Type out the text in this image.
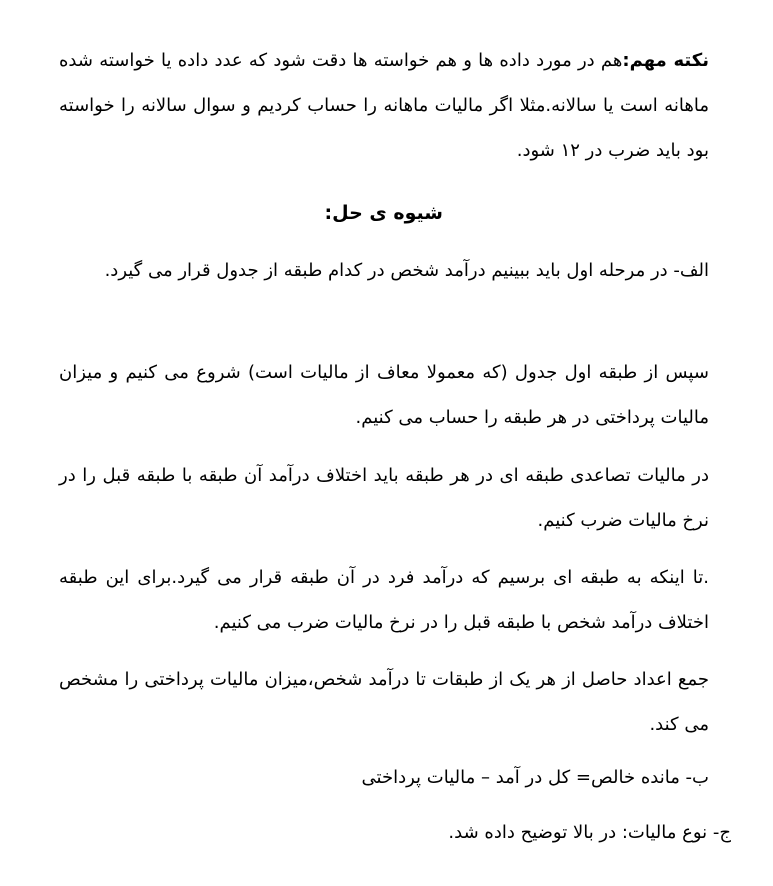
نکته مهم:هم در مورد داده ها و هم خواسته ها دقت شود که عدد داده یا خواسته شده ماهانه است یا سالانه.مثلا اگر مالیات ماهانه را حساب کردیم و سوال سالانه را خواسته بود باید ضرب در ۱۲ شود.

شیوه ی حل:

الف- در مرحله اول باید ببینیم درآمد شخص در کدام طبقه از جدول قرار می گیرد.

سپس از طبقه اول جدول (که معمولا معاف از مالیات است) شروع می کنیم و میزان مالیات پرداختی در هر طبقه را حساب می کنیم.

در مالیات تصاعدی طبقه ای در هر طبقه باید اختلاف درآمد آن طبقه با طبقه قبل را در نرخ مالیات ضرب کنیم.

.تا اینکه به طبقه ای برسیم که درآمد فرد در آن طبقه قرار می گیرد.برای این طبقه اختلاف درآمد شخص با طبقه قبل را در نرخ مالیات ضرب می کنیم.

جمع اعداد حاصل از هر یک از طبقات تا درآمد شخص،میزان مالیات پرداختی را مشخص می کند.

ب- مانده خالص= کل در آمد – مالیات پرداختی

ج- نوع مالیات: در بالا توضیح داده شد.
